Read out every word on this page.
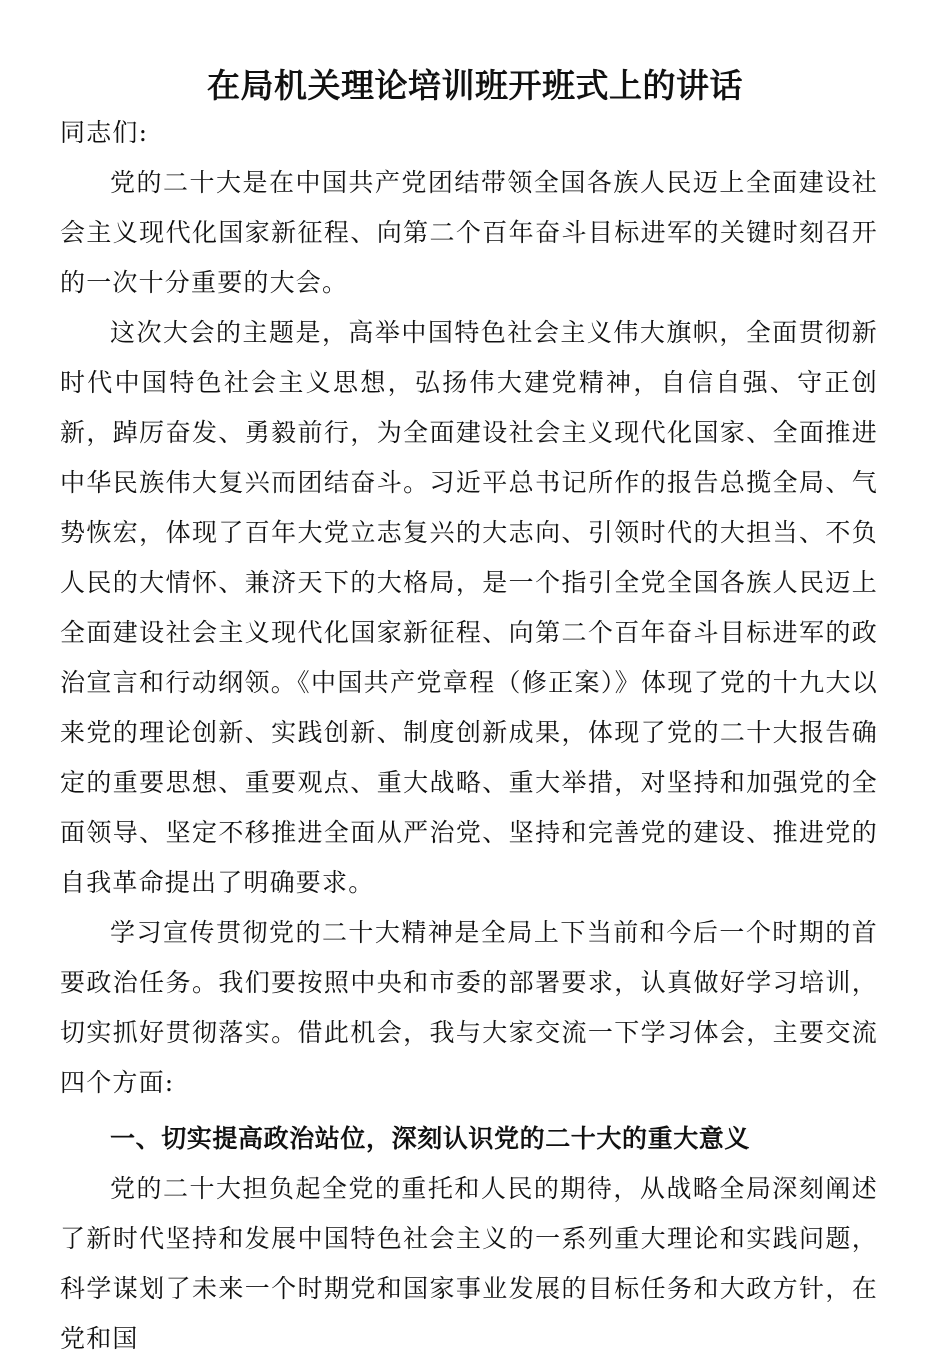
在局机关理论培训班开班式上的讲话

同志们:

党的二十大是在中国共产党团结带领全国各族人民迈上全面建设社会主义现代化国家新征程、向第二个百年奋斗目标进军的关键时刻召开的一次十分重要的大会。

这次大会的主题是，高举中国特色社会主义伟大旗帜，全面贯彻新时代中国特色社会主义思想，弘扬伟大建党精神，自信自强、守正创新，踔厉奋发、勇毅前行，为全面建设社会主义现代化国家、全面推进中华民族伟大复兴而团结奋斗。习近平总书记所作的报告总揽全局、气势恢宏，体现了百年大党立志复兴的大志向、引领时代的大担当、不负人民的大情怀、兼济天下的大格局，是一个指引全党全国各族人民迈上全面建设社会主义现代化国家新征程、向第二个百年奋斗目标进军的政治宣言和行动纲领。《中国共产党章程（修正案）》体现了党的十九大以来党的理论创新、实践创新、制度创新成果，体现了党的二十大报告确定的重要思想、重要观点、重大战略、重大举措，对坚持和加强党的全面领导、坚定不移推进全面从严治党、坚持和完善党的建设、推进党的自我革命提出了明确要求。

学习宣传贯彻党的二十大精神是全局上下当前和今后一个时期的首要政治任务。我们要按照中央和市委的部署要求，认真做好学习培训，切实抓好贯彻落实。借此机会，我与大家交流一下学习体会，主要交流四个方面:

一、切实提高政治站位，深刻认识党的二十大的重大意义

党的二十大担负起全党的重托和人民的期待，从战略全局深刻阐述了新时代坚持和发展中国特色社会主义的一系列重大理论和实践问题，科学谋划了未来一个时期党和国家事业发展的目标任务和大政方针，在党和国
